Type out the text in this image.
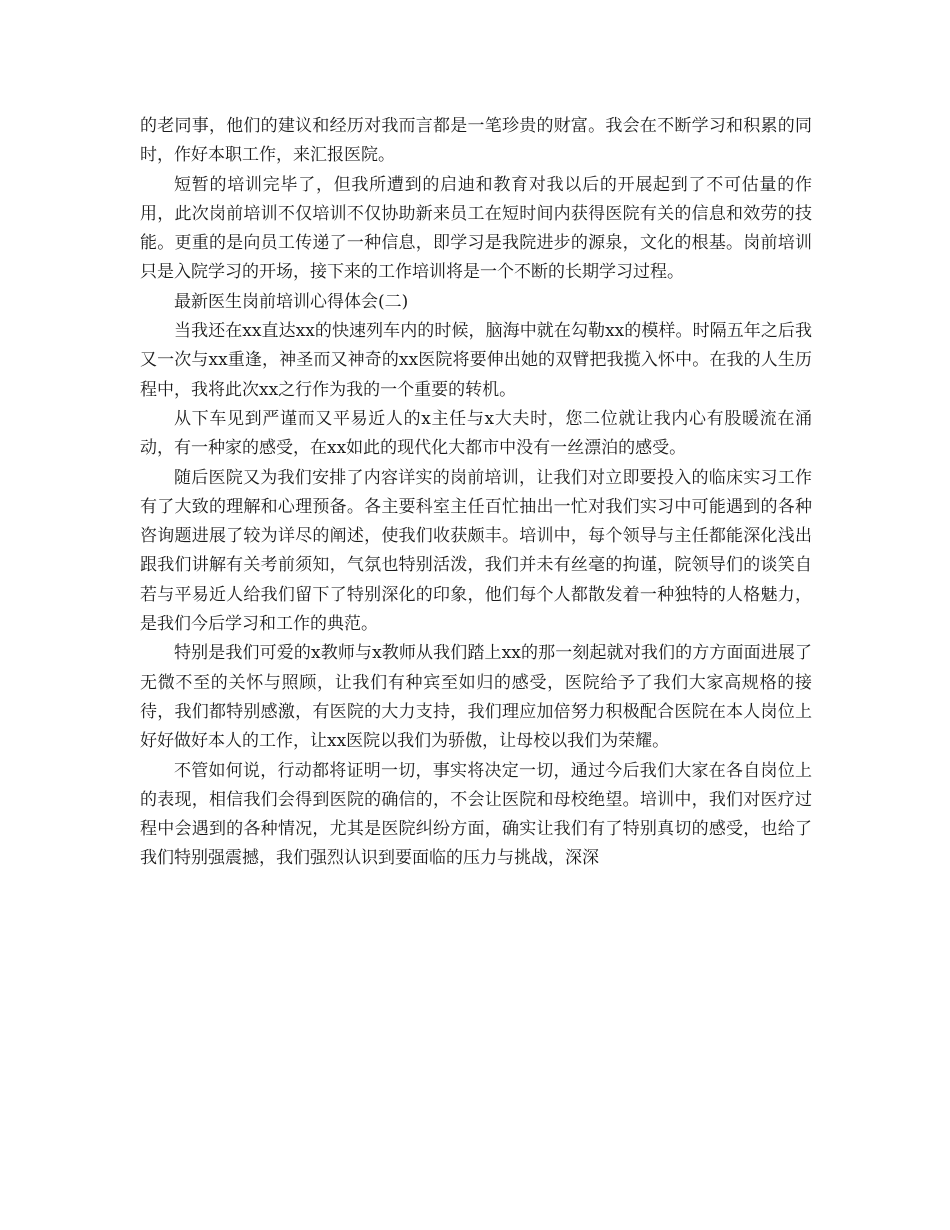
的老同事，他们的建议和经历对我而言都是一笔珍贵的财富。我会在不断学习和积累的同时，作好本职工作，来汇报医院。

短暂的培训完毕了，但我所遭到的启迪和教育对我以后的开展起到了不可估量的作用，此次岗前培训不仅培训不仅协助新来员工在短时间内获得医院有关的信息和效劳的技能。更重的是向员工传递了一种信息，即学习是我院进步的源泉，文化的根基。岗前培训只是入院学习的开场，接下来的工作培训将是一个不断的长期学习过程。

最新医生岗前培训心得体会(二)

当我还在xx直达xx的快速列车内的时候，脑海中就在勾勒xx的模样。时隔五年之后我又一次与xx重逢，神圣而又神奇的xx医院将要伸出她的双臂把我揽入怀中。在我的人生历程中，我将此次xx之行作为我的一个重要的转机。

从下车见到严谨而又平易近人的x主任与x大夫时，您二位就让我内心有股暖流在涌动，有一种家的感受，在xx如此的现代化大都市中没有一丝漂泊的感受。

随后医院又为我们安排了内容详实的岗前培训，让我们对立即要投入的临床实习工作有了大致的理解和心理预备。各主要科室主任百忙抽出一忙对我们实习中可能遇到的各种咨询题进展了较为详尽的阐述，使我们收获颇丰。培训中，每个领导与主任都能深化浅出跟我们讲解有关考前须知，气氛也特别活泼，我们并未有丝毫的拘谨，院领导们的谈笑自若与平易近人给我们留下了特别深化的印象，他们每个人都散发着一种独特的人格魅力，是我们今后学习和工作的典范。

特别是我们可爱的x教师与x教师从我们踏上xx的那一刻起就对我们的方方面面进展了无微不至的关怀与照顾，让我们有种宾至如归的感受，医院给予了我们大家高规格的接待，我们都特别感激，有医院的大力支持，我们理应加倍努力积极配合医院在本人岗位上好好做好本人的工作，让xx医院以我们为骄傲，让母校以我们为荣耀。

不管如何说，行动都将证明一切，事实将决定一切，通过今后我们大家在各自岗位上的表现，相信我们会得到医院的确信的，不会让医院和母校绝望。培训中，我们对医疗过程中会遇到的各种情况，尤其是医院纠纷方面，确实让我们有了特别真切的感受，也给了我们特别强震撼，我们强烈认识到要面临的压力与挑战，深深
